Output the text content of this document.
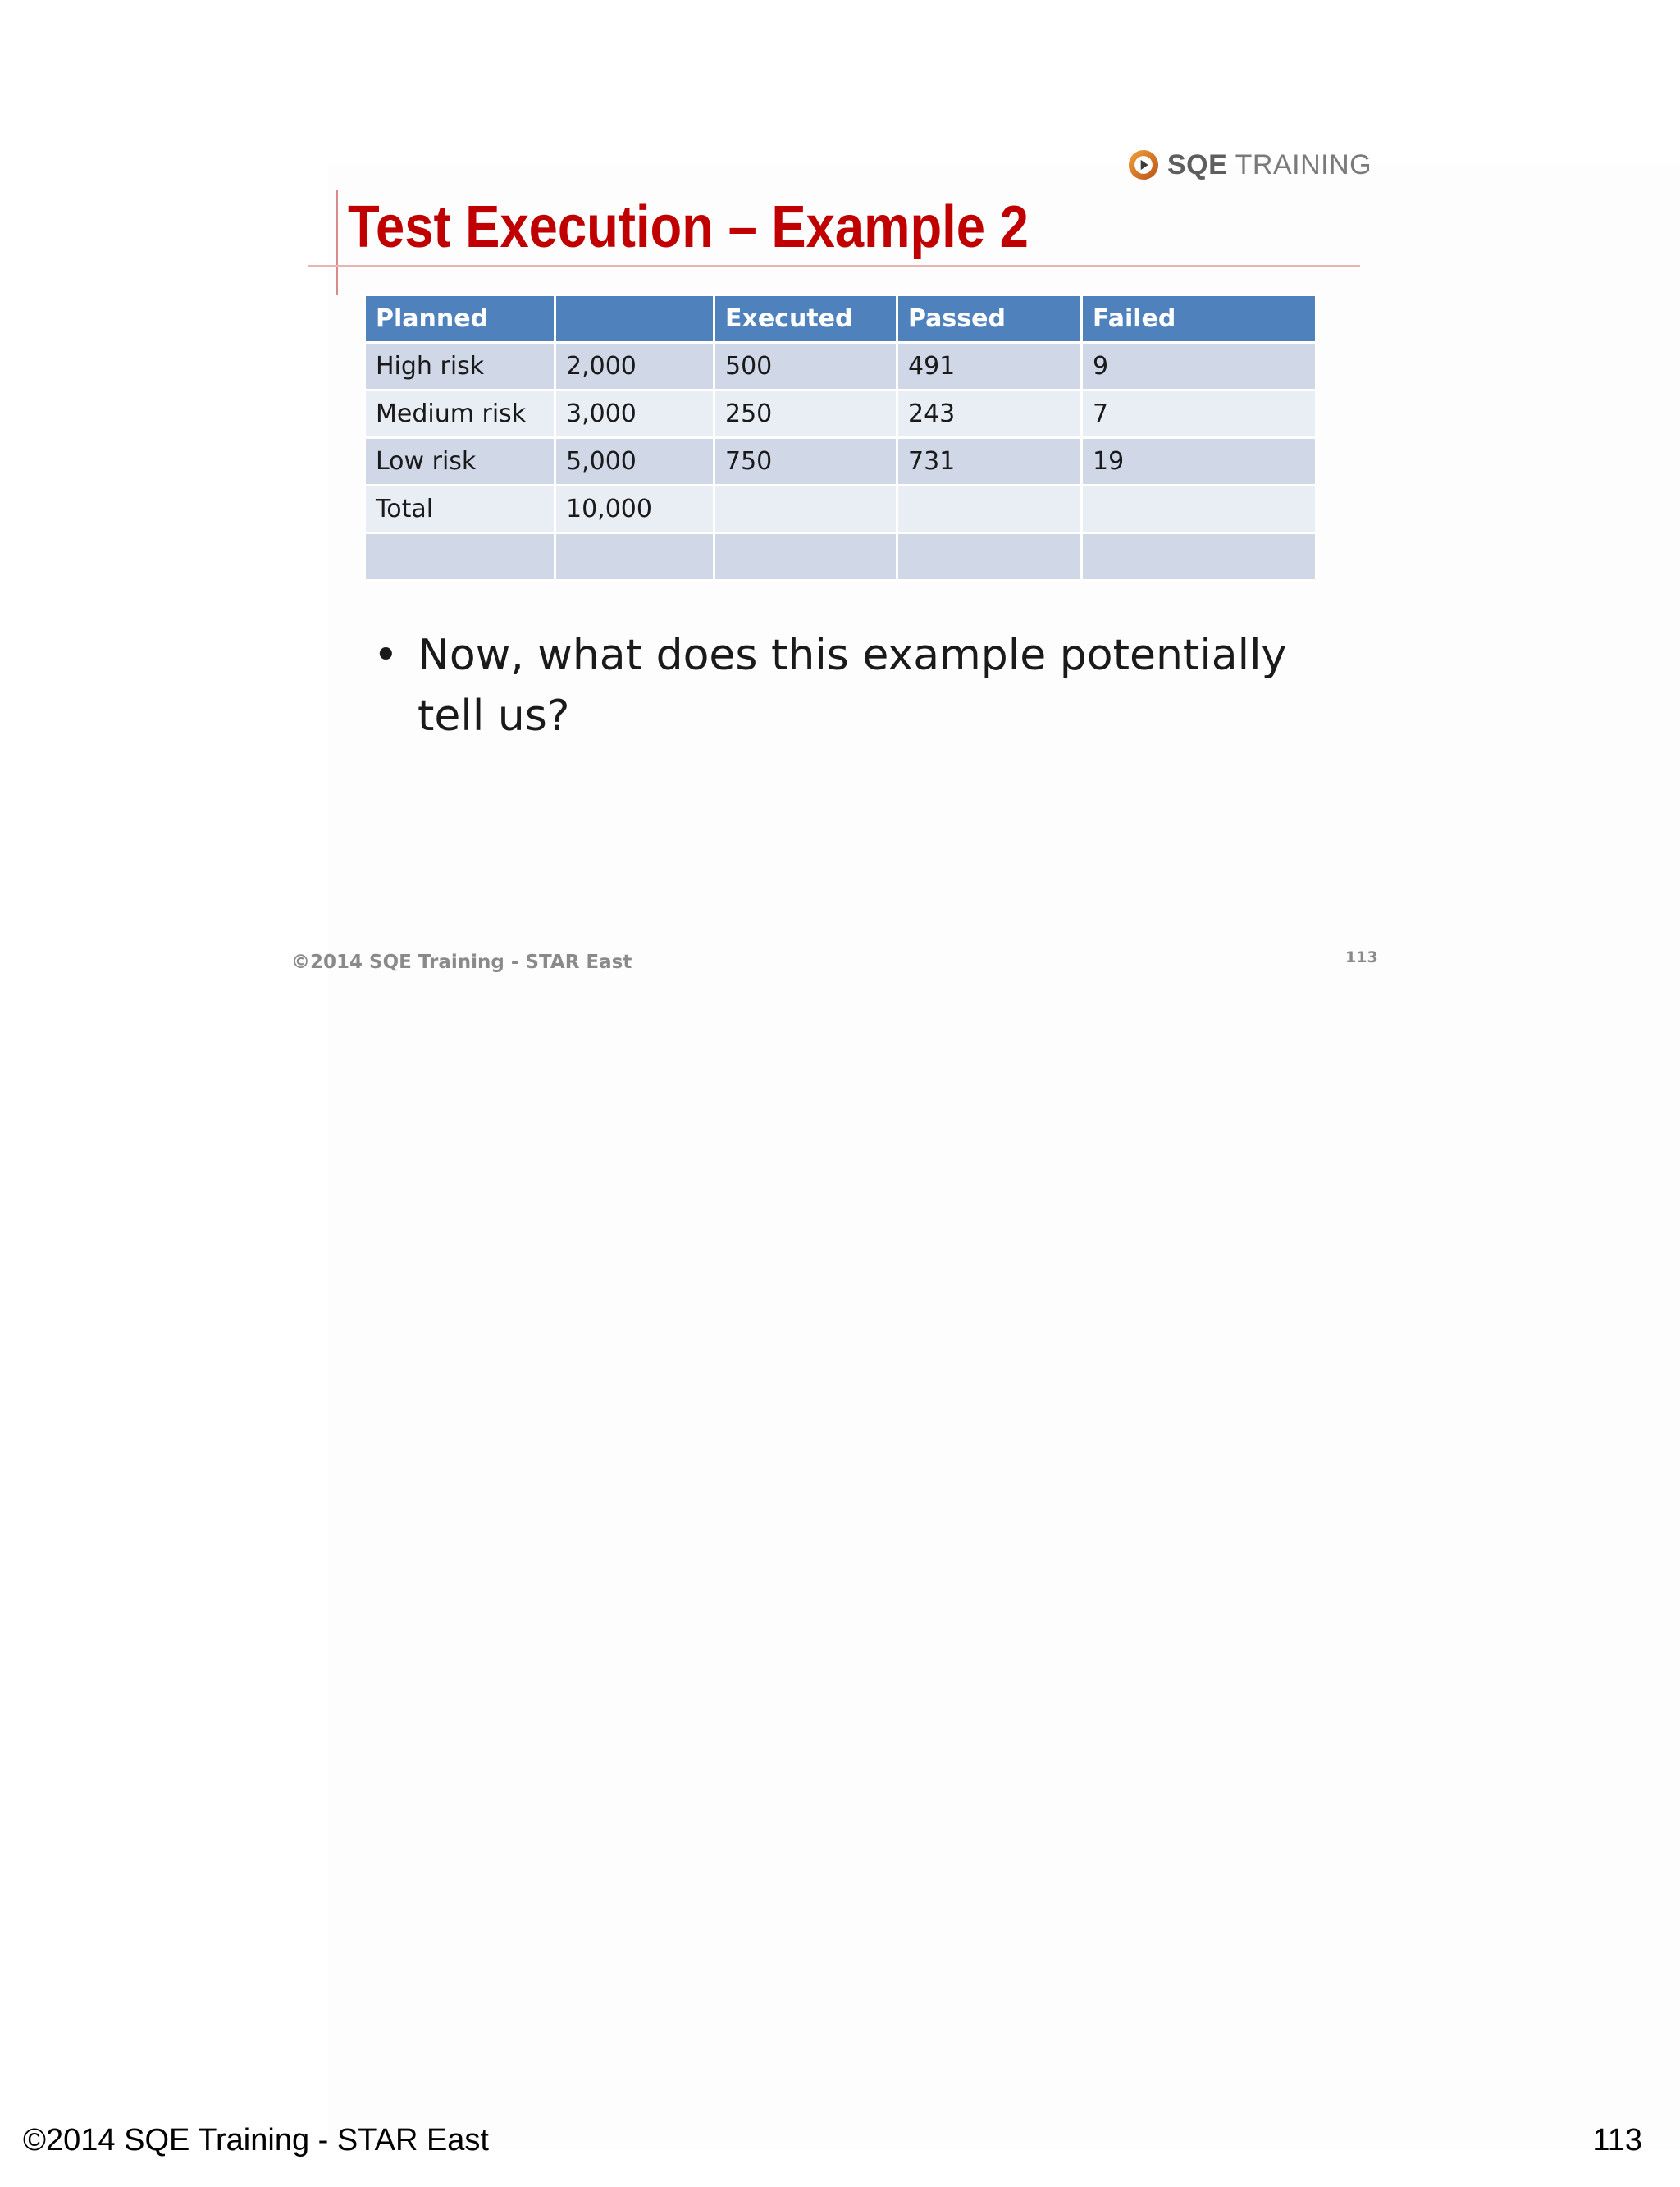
SQE TRAINING
Test Execution – Example 2
Planned		Executed	Passed	Failed
High risk	2,000	500	491	9
Medium risk	3,000	250	243	7
Low risk	5,000	750	731	19
Total	10,000			

• Now, what does this example potentially tell us?
©2014 SQE Training - STAR East	113
©2014 SQE Training - STAR East	113
